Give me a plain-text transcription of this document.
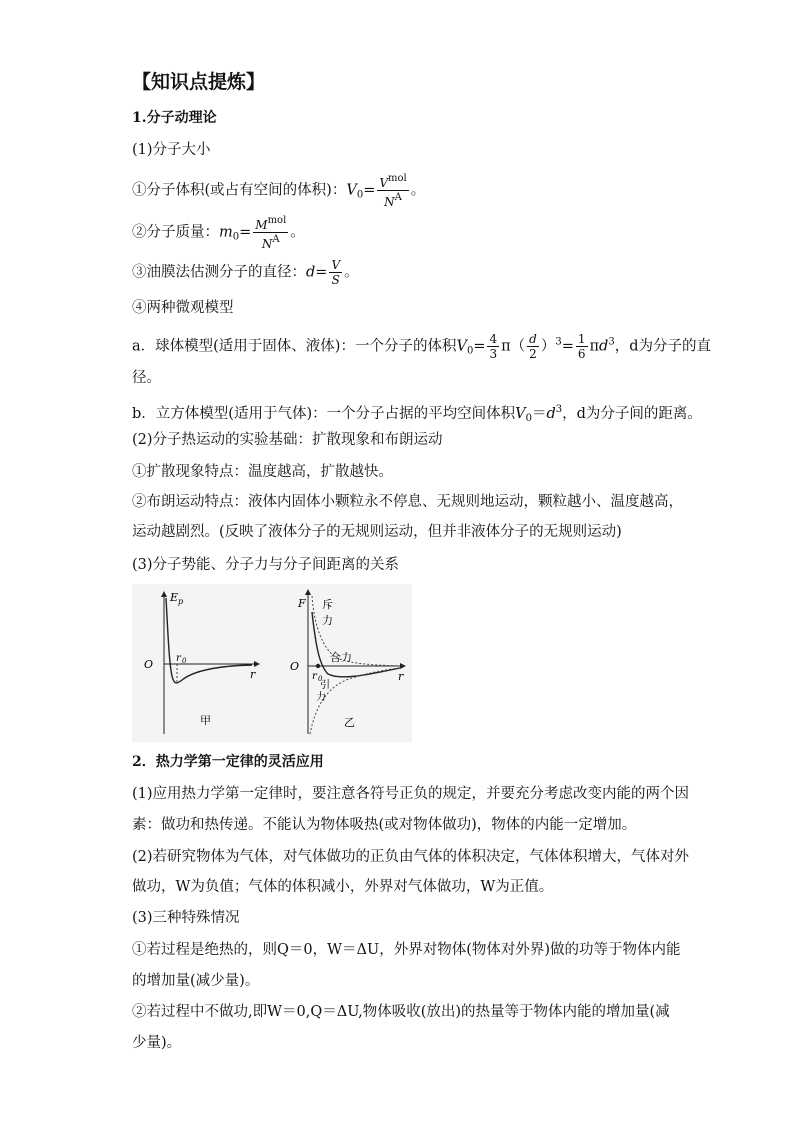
【知识点提炼】
1.分子动理论
(1)分子大小
①分子体积(或占有空间的体积)：$V_0= \frac{V^{mol}}{N^A}$ 。
②分子质量：$m_0= \frac{M^{mol}}{N^A}$ 。
③油膜法估测分子的直径：$d= \frac{V}{S}$ 。
④两种微观模型
a．球体模型(适用于固体、液体)：一个分子的体积$V_0= \frac{4}{3} \pi( \frac{d}{2} )^3= \frac{1}{6} \pi d^3$，d为分子的直
径。
b．立方体模型(适用于气体)：一个分子占据的平均空间体积$V_0=d^3$，d为分子间的距离。
(2)分子热运动的实验基础：扩散现象和布朗运动
①扩散现象特点：温度越高，扩散越快。
②布朗运动特点：液体内固体小颗粒永不停息、无规则地运动，颗粒越小、温度越高，
运动越剧烈。(反映了液体分子的无规则运动，但并非液体分子的无规则运动)
(3)分子势能、分子力与分子间距离的关系
O
E p
r 0
r
甲
F
O
r
r 0
斥
力
合力
引
力
乙
2．热力学第一定律的灵活应用
(1)应用热力学第一定律时，要注意各符号正负的规定，并要充分考虑改变内能的两个因
素：做功和热传递。不能认为物体吸热(或对物体做功)，物体的内能一定增加。
(2)若研究物体为气体，对气体做功的正负由气体的体积决定，气体体积增大，气体对外
做功，W为负值；气体的体积减小，外界对气体做功，W为正值。
(3)三种特殊情况
①若过程是绝热的，则Q＝0，W＝ΔU，外界对物体(物体对外界)做的功等于物体内能
的增加量(减少量)。
②若过程中不做功,即W＝0,Q＝ΔU,物体吸收(放出)的热量等于物体内能的增加量(减
少量)。
